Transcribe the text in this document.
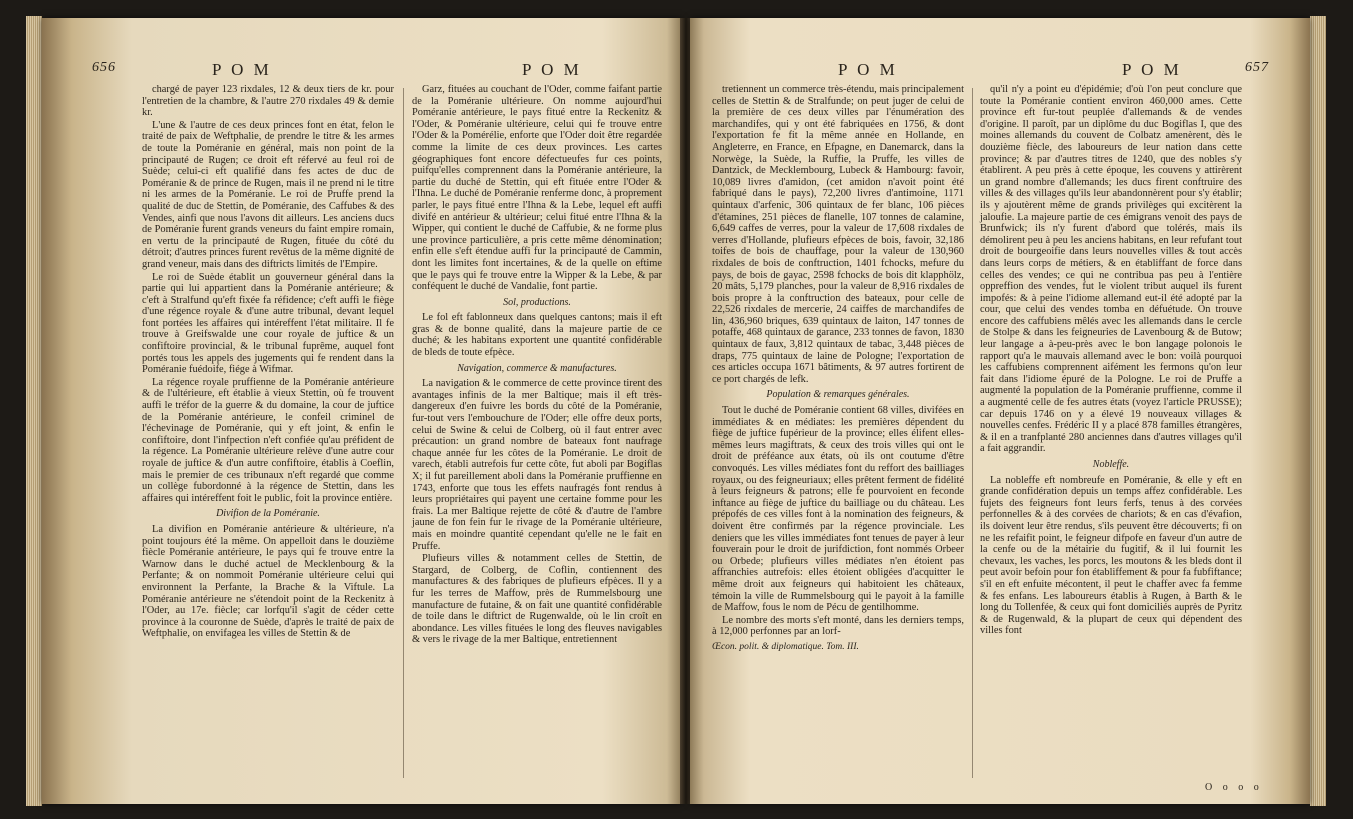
656	P O M	P O M

chargé de payer 123 rixdales, 12 & deux tiers de kr. pour l'entretien de la chambre, & l'autre 270 rixdales 49 & demie kr.

L'une & l'autre de ces deux princes font en état, felon le traité de paix de Weftphalie, de prendre le titre & les armes de toute la Poméranie en général, mais non point de la principauté de Rugen; ce droit eft réfervé au feul roi de Suède; celui-ci eft qualifié dans fes actes de duc de Poméranie & de prince de Rugen, mais il ne prend ni le titre ni les armes de la Poméranie. Le roi de Pruffe prend la qualité de duc de Stettin, de Poméranie, des Caffubes & des Vendes, ainfi que nous l'avons dit ailleurs. Les anciens ducs de Poméranie furent grands veneurs du faint empire romain, en vertu de la principauté de Rugen, fituée du côté du détroit; d'autres princes furent revêtus de la même dignité de grand veneur, mais dans des diftricts limités de l'Empire.

Le roi de Suède établit un gouverneur général dans la partie qui lui appartient dans la Poméranie antérieure; & c'eft à Stralfund qu'eft fixée fa réfidence; c'eft auffi le fiège d'une régence royale & d'une autre tribunal, devant lequel font portées les affaires qui intéreffent l'état militaire. Il fe trouve à Greifswalde une cour royale de juftice & un confiftoire provincial, & le tribunal fuprême, auquel font portés tous les appels des jugements qui fe rendent dans la Poméranie fuédoife, fiége à Wifmar.

La régence royale pruffienne de la Poméranie antérieure & de l'ultérieure, eft établie à vieux Stettin, où fe trouvent auffi le tréfor de la guerre & du domaine, la cour de juftice de la Poméranie antérieure, le confeil criminel de l'échevinage de Poméranie, qui y eft joint, & enfin le confiftoire, dont l'infpection n'eft confiée qu'au préfident de la régence. La Poméranie ultérieure relève d'une autre cour royale de juftice & d'un autre confiftoire, établis à Coeflin, mais le premier de ces tribunaux n'eft regardé que comme un collège fubordonné à la régence de Stettin, dans les affaires qui intéreffent foit le public, foit la province entière.

Divifion de la Poméranie.

La divifion en Poméranie antérieure & ultérieure, n'a point toujours été la même. On appelloit dans le douzième fiècle Poméranie antérieure, le pays qui fe trouve entre la Warnow dans le duché actuel de Mecklenbourg & la Perfante; & on nommoit Poméranie ultérieure celui qui environnent la Perfante, la Brache & la Viftule. La Poméranie antérieure ne s'étendoit point de la Reckenitz à l'Oder, au 17e. fiècle; car lorfqu'il s'agit de céder cette province à la couronne de Suède, d'après le traité de paix de Weftphalie, on envifagea les villes de Stettin & de

Garz, fituées au couchant de l'Oder, comme faifant partie de la Poméranie ultérieure. On nomme aujourd'hui Poméranie antérieure, le pays fitué entre la Reckenitz & l'Oder, & Poméranie ultérieure, celui qui fe trouve entre l'Oder & la Pomérélie, enforte que l'Oder doit être regardée comme la limite de ces deux provinces. Les cartes géographiques font encore défectueufes fur ces points, puifqu'elles comprennent dans la Poméranie antérieure, la partie du duché de Stettin, qui eft fituée entre l'Oder & l'Ihna. Le duché de Poméranie renferme donc, à proprement parler, le pays fitué entre l'Ihna & la Lebe, lequel eft auffi divifé en antérieur & ultérieur; celui fitué entre l'Ihna & la Wipper, qui contient le duché de Caffubie, & ne forme plus une province particulière, a pris cette même dénomination; enfin elle s'eft étendue auffi fur la principauté de Cammin, dont les limites font incertaines, & de la quelle on eftime que le pays qui fe trouve entre la Wipper & la Lebe, & par conféquent le duché de Vandalie, font partie.

Sol, productions.

Le fol eft fablonneux dans quelques cantons; mais il eft gras & de bonne qualité, dans la majeure partie de ce duché; & les habitans exportent une quantité confidérable de bleds de toute efpèce.

Navigation, commerce & manufactures.

La navigation & le commerce de cette province tirent des avantages infinis de la mer Baltique; mais il eft très-dangereux d'en fuivre les bords du côté de la Poméranie, fur-tout vers l'embouchure de l'Oder; elle offre deux ports, celui de Swine & celui de Colberg, où il faut entrer avec précaution: un grand nombre de bateaux font naufrage chaque année fur les côtes de la Poméranie. Le droit de varech, établi autrefois fur cette côte, fut aboli par Bogiflas X; il fut pareillement aboli dans la Poméranie pruffienne en 1743, enforte que tous les effets naufragés font rendus à leurs propriétaires qui payent une certaine fomme pour les frais. La mer Baltique rejette de côté & d'autre de l'ambre jaune de fon fein fur le rivage de la Poméranie ultérieure, mais en moindre quantité cependant qu'elle ne le fait en Pruffe.

Plufieurs villes & notamment celles de Stettin, de Stargard, de Colberg, de Coflin, contiennent des manufactures & des fabriques de plufieurs efpèces. Il y a fur les terres de Maffow, près de Rummelsbourg une manufacture de futaine, & on fait une quantité confidérable de toile dans le diftrict de Rugenwalde, où le lin croît en abondance. Les villes fituées le long des fleuves navigables & vers le rivage de la mer Baltique, entretiennent

P O M	P O M	657

tretiennent un commerce très-étendu, mais principalement celles de Stettin & de Stralfunde; on peut juger de celui de la première de ces deux villes par l'énumération des marchandifes, qui y ont été fabriquées en 1756, & dont l'exportation fe fit la même année en Hollande, en Angleterre, en France, en Efpagne, en Danemarck, dans la Norwège, la Suède, la Ruffie, la Pruffe, les villes de Dantzick, de Mecklembourg, Lubeck & Hambourg: favoir, 10,089 livres d'amidon, (cet amidon n'avoit point été fabriqué dans le pays), 72,200 livres d'antimoine, 1171 quintaux d'arfenic, 306 quintaux de fer blanc, 106 pièces d'étamines, 251 pièces de flanelle, 107 tonnes de calamine, 6,649 caffes de verres, pour la valeur de 17,608 rixdales de verres d'Hollande, plufieurs efpèces de bois, favoir, 32,186 toifes de bois de chauffage, pour la valeur de 130,960 rixdales de bois de conftruction, 1401 fchocks, mefure du pays, de bois de gayac, 2598 fchocks de bois dit klapphölz, 20 mâts, 5,179 planches, pour la valeur de 8,916 rixdales de bois propre à la conftruction des bateaux, pour celle de 22,526 rixdales de mercerie, 24 caiffes de marchandifes de lin, 436,960 briques, 639 quintaux de laiton, 147 tonnes de potaffe, 468 quintaux de garance, 233 tonnes de favon, 1830 quintaux de faux, 3,812 quintaux de tabac, 3,448 pièces de draps, 775 quintaux de laine de Pologne; l'exportation de ces articles occupa 1671 bâtiments, & 97 autres fortirent de ce port chargés de lefk.

Population & remarques générales.

Tout le duché de Poméranie contient 68 villes, divifées en immédiates & en médiates: les premières dépendent du fiège de juftice fupérieur de la province; elles élifent elles-mêmes leurs magiftrats, & ceux des trois villes qui ont le droit de préféance aux états, où ils ont coutume d'être convoqués. Les villes médiates font du reffort des bailliages royaux, ou des feigneuriaux; elles prêtent ferment de fidélité à leurs feigneurs & patrons; elle fe pourvoient en feconde inftance au fiège de juftice du bailliage ou du château. Les prépofés de ces villes font à la nomination des feigneurs, & doivent être confirmés par la régence provinciale. Les deniers que les villes immédiates font tenues de payer à leur fouverain pour le droit de jurifdiction, font nommés Orbeer ou Orbede; plufieurs villes médiates n'en étoient pas affranchies autrefois: elles étoient obligées d'acquitter le même droit aux feigneurs qui habitoient les châteaux, témoin la ville de Rummelsbourg qui le payoit à la famille de Maffow, fous le nom de Pécu de gentilhomme.

Le nombre des morts s'eft monté, dans les derniers temps, à 12,000 perfonnes par an lorf-

Œcon. polit. & diplomatique. Tom. III.

qu'il n'y a point eu d'épidémie; d'où l'on peut conclure que toute la Poméranie contient environ 460,000 ames. Cette province eft fur-tout peuplée d'allemands & de vendes d'origine. Il paroît, par un diplôme du duc Bogiflas I, que des moines allemands du couvent de Colbatz amenèrent, dès le douzième fiècle, des laboureurs de leur nation dans cette province; & par d'autres titres de 1240, que des nobles s'y établirent. A peu près à cette époque, les couvens y attirèrent un grand nombre d'allemands; les ducs firent conftruire des villes & des villages qu'ils leur abandonnèrent pour s'y établir; ils y ajoutèrent même de grands privilèges qui excitèrent la jaloufie. La majeure partie de ces émigrans venoit des pays de Brunfwick; ils n'y furent d'abord que tolérés, mais ils démolirent peu à peu les anciens habitans, en leur refufant tout droit de bourgeoifie dans leurs nouvelles villes & tout accès dans leurs corps de métiers, & en établiffant de force dans celles des vendes; ce qui ne contribua pas peu à l'entière oppreffion des vendes, fut le violent tribut auquel ils furent impofés: & à peine l'idiome allemand eut-il été adopté par la cour, que celui des vendes tomba en défuétude. On trouve encore des caffubiens mêlés avec les allemands dans le cercle de Stolpe & dans les feigneuries de Lavenbourg & de Butow; leur langage a à-peu-près avec le bon langage polonois le rapport qu'a le mauvais allemand avec le bon: voilà pourquoi les caffubiens comprennent aifément les fermons qu'on leur fait dans l'idiome épuré de la Pologne. Le roi de Pruffe a augmenté la population de la Poméranie pruffienne, comme il a augmenté celle de fes autres états (voyez l'article PRUSSE); car depuis 1746 on y a élevé 19 nouveaux villages & nouvelles cenfes. Frédéric II y a placé 878 familles étrangères, & il en a tranfplanté 280 anciennes dans d'autres villages qu'il a fait aggrandir.

Nobleffe.

La nobleffe eft nombreufe en Poméranie, & elle y eft en grande confidération depuis un temps affez confidérable. Les fujets des feigneurs font leurs ferfs, tenus à des corvées perfonnelles & à des corvées de chariots; & en cas d'évafion, ils doivent leur être rendus, s'ils peuvent être découverts; fi on ne les refaifit point, le feigneur difpofe en faveur d'un autre de la cenfe ou de la métairie du fugitif, & il lui fournit les chevaux, les vaches, les porcs, les moutons & les bleds dont il peut avoir befoin pour fon établiffement & pour fa fubfiftance; s'il en eft enfuite mécontent, il peut le chaffer avec fa femme & fes enfans. Les laboureurs établis à Rugen, à Barth & le long du Tollenfée, & ceux qui font domiciliés auprès de Pyritz & de Rugenwald, & la plupart de ceux qui dépendent des villes font

O o o o
